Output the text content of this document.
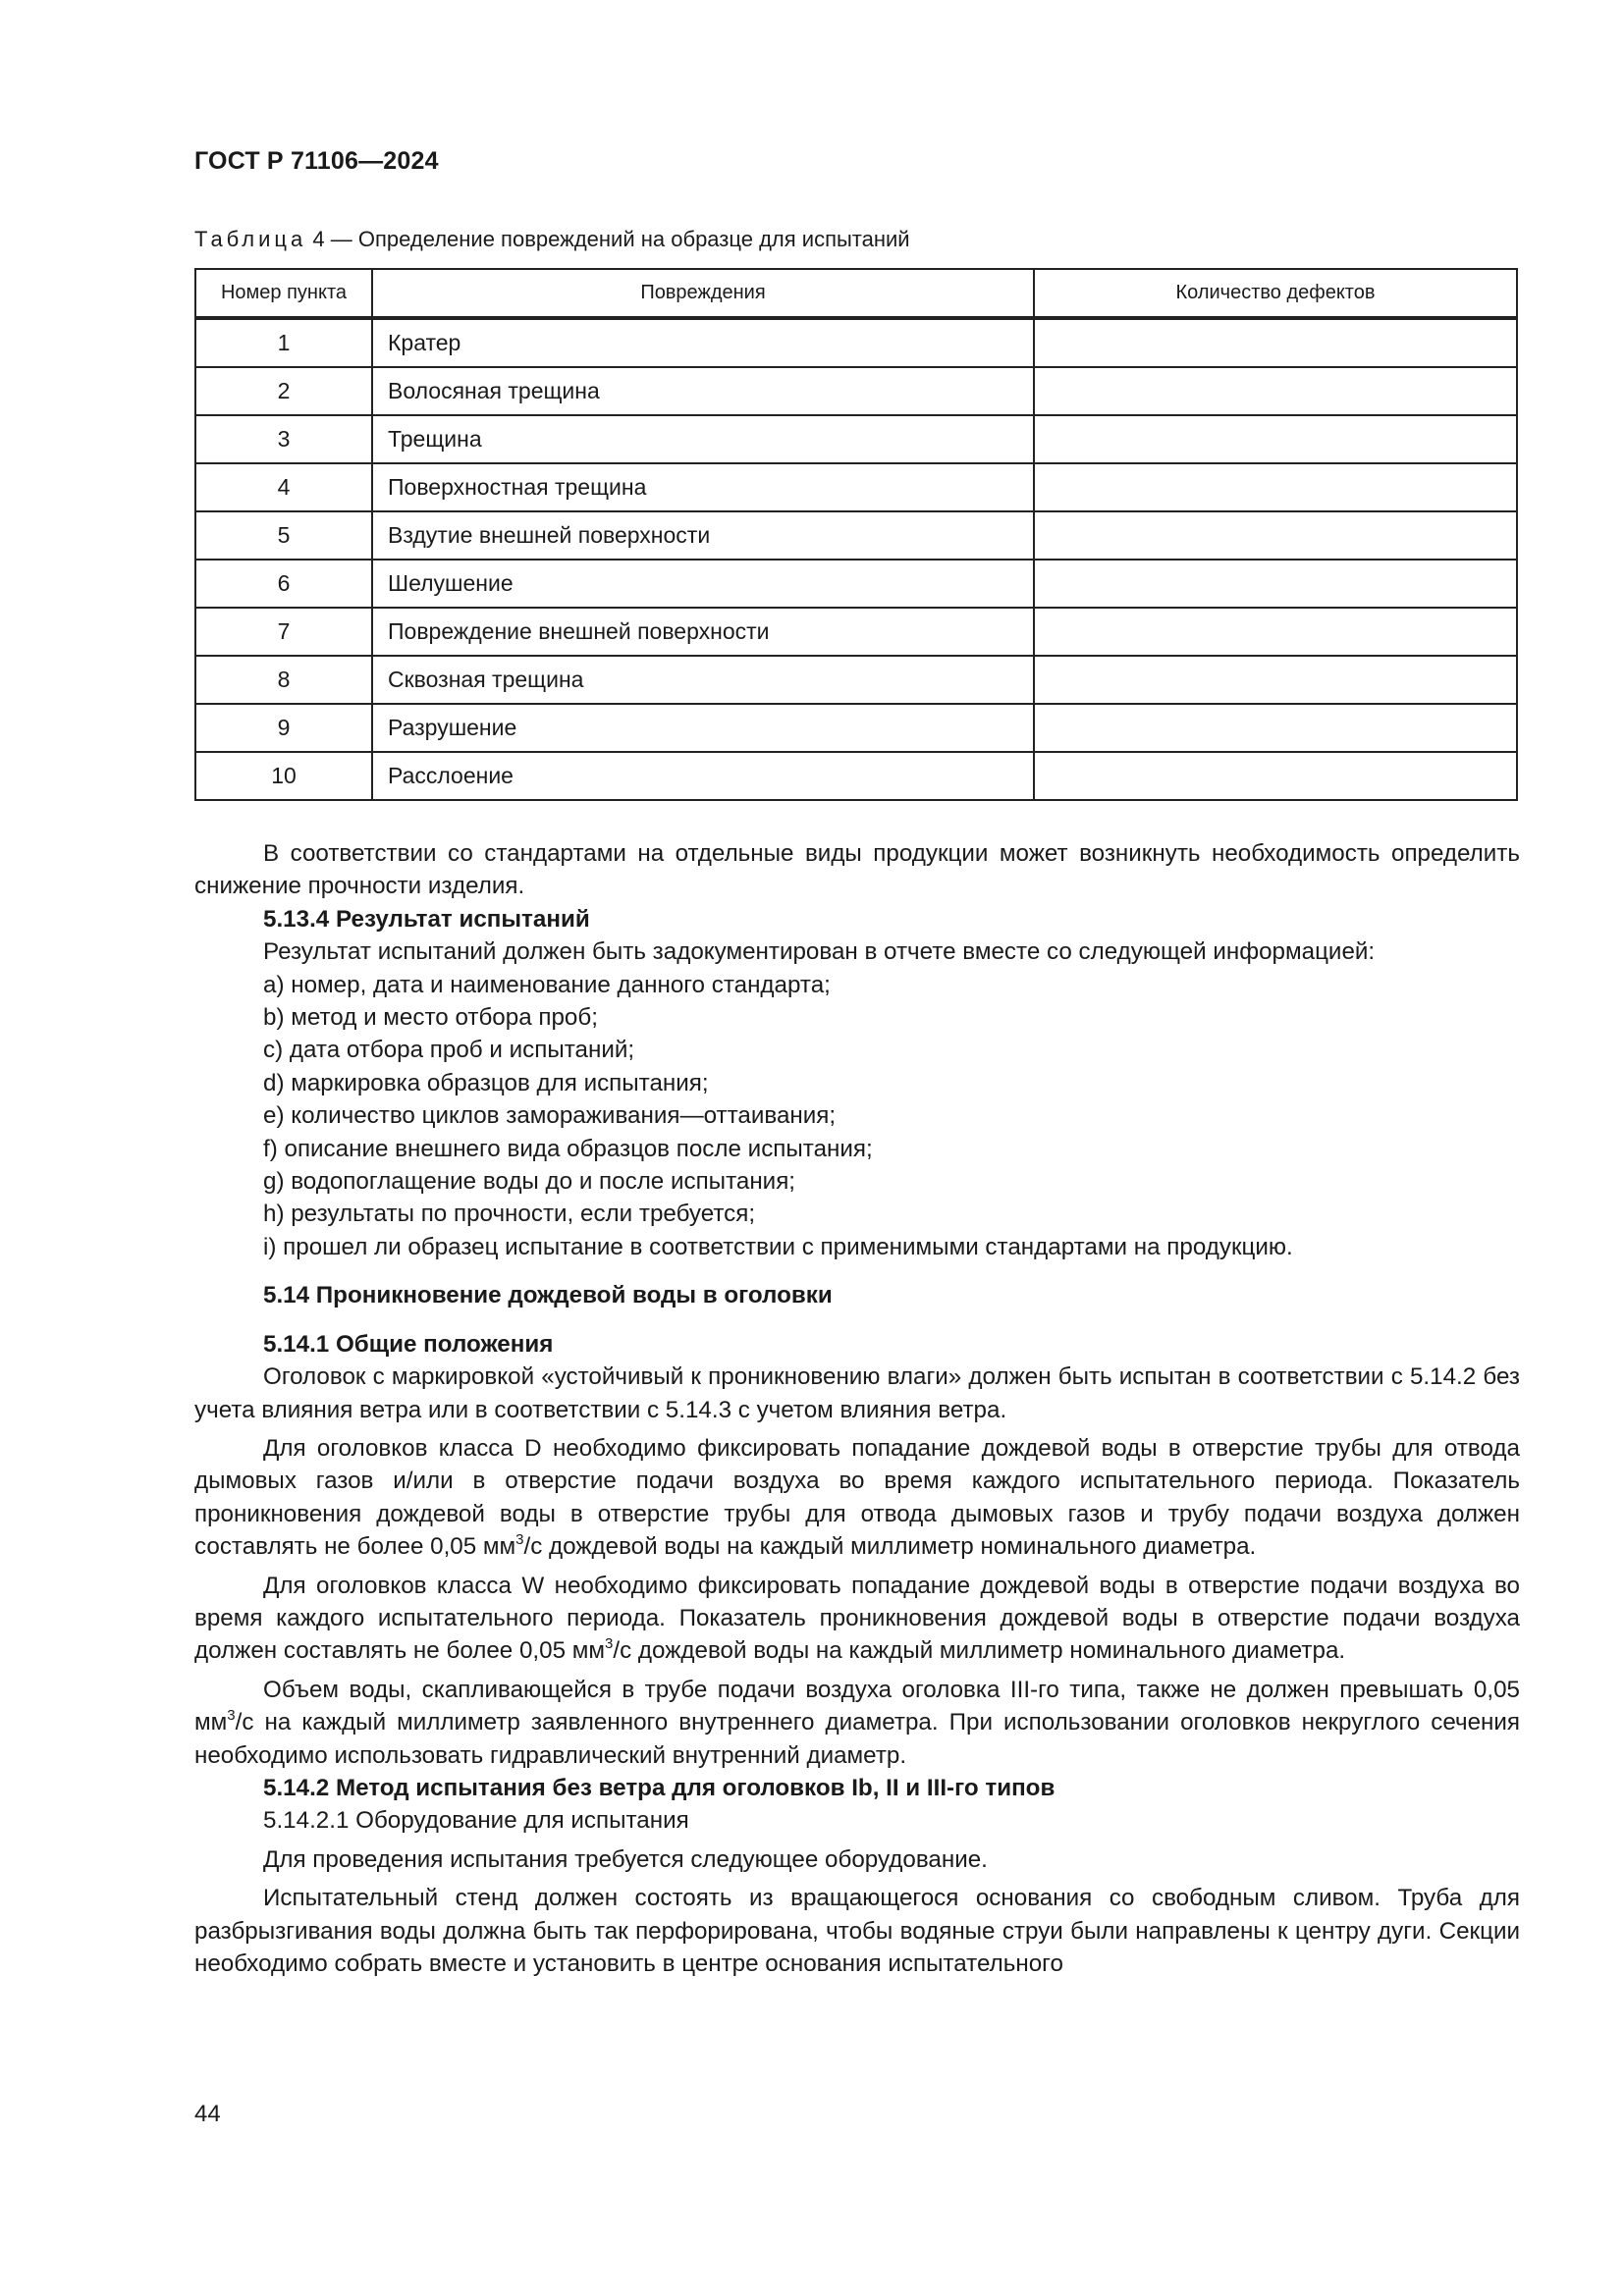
ГОСТ Р 71106—2024
Таблица 4 — Определение повреждений на образце для испытаний
Номер пункта	Повреждения	Количество дефектов
1	Кратер	
2	Волосяная трещина	
3	Трещина	
4	Поверхностная трещина	
5	Вздутие внешней поверхности	
6	Шелушение	
7	Повреждение внешней поверхности	
8	Сквозная трещина	
9	Разрушение	
10	Расслоение	

В соответствии со стандартами на отдельные виды продукции может возникнуть необходимость определить снижение прочности изделия.

5.13.4 Результат испытаний

Результат испытаний должен быть задокументирован в отчете вместе со следующей информацией:

a) номер, дата и наименование данного стандарта;

b) метод и место отбора проб;

c) дата отбора проб и испытаний;

d) маркировка образцов для испытания;

e) количество циклов замораживания—оттаивания;

f) описание внешнего вида образцов после испытания;

g) водопоглащение воды до и после испытания;

h) результаты по прочности, если требуется;

i) прошел ли образец испытание в соответствии с применимыми стандартами на продукцию.

5.14 Проникновение дождевой воды в оголовки

5.14.1 Общие положения

Оголовок с маркировкой «устойчивый к проникновению влаги» должен быть испытан в соответствии с 5.14.2 без учета влияния ветра или в соответствии с 5.14.3 с учетом влияния ветра.

Для оголовков класса D необходимо фиксировать попадание дождевой воды в отверстие трубы для отвода дымовых газов и/или в отверстие подачи воздуха во время каждого испытательного периода. Показатель проникновения дождевой воды в отверстие трубы для отвода дымовых газов и трубу подачи воздуха должен составлять не более 0,05 $мм^3/с$ дождевой воды на каждый миллиметр номинального диаметра.

Для оголовков класса W необходимо фиксировать попадание дождевой воды в отверстие подачи воздуха во время каждого испытательного периода. Показатель проникновения дождевой воды в отверстие подачи воздуха должен составлять не более 0,05 $мм^3/с$ дождевой воды на каждый миллиметр номинального диаметра.

Объем воды, скапливающейся в трубе подачи воздуха оголовка III-го типа, также не должен превышать 0,05 $мм^3/с$ на каждый миллиметр заявленного внутреннего диаметра. При использовании оголовков некруглого сечения необходимо использовать гидравлический внутренний диаметр.

5.14.2 Метод испытания без ветра для оголовков Ib, II и III-го типов

5.14.2.1 Оборудование для испытания

Для проведения испытания требуется следующее оборудование.

Испытательный стенд должен состоять из вращающегося основания со свободным сливом. Труба для разбрызгивания воды должна быть так перфорирована, чтобы водяные струи были направлены к центру дуги. Секции необходимо собрать вместе и установить в центре основания испытательного

44
